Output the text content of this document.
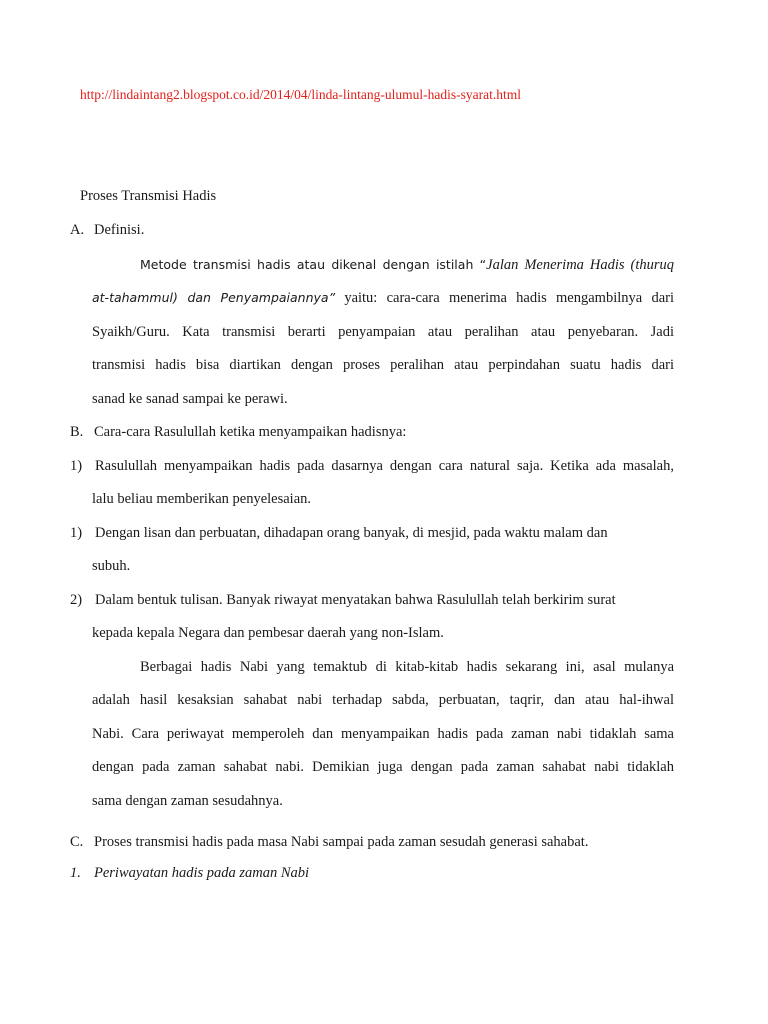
http://lindaintang2.blogspot.co.id/2014/04/linda-lintang-ulumul-hadis-syarat.html
Proses Transmisi Hadis
A. Definisi.
Metode transmisi hadis atau dikenal dengan istilah “Jalan Menerima Hadis (thuruq
at-tahammul) dan Penyampaiannya” yaitu: cara-cara menerima hadis mengambilnya dari
Syaikh/Guru. Kata transmisi berarti penyampaian atau peralihan atau penyebaran. Jadi
transmisi hadis bisa diartikan dengan proses peralihan atau perpindahan suatu hadis dari
sanad ke sanad sampai ke perawi.
B. Cara-cara Rasulullah ketika menyampaikan hadisnya:
1) Rasulullah menyampaikan hadis pada dasarnya dengan cara natural saja. Ketika ada masalah,
lalu beliau memberikan penyelesaian.
1) Dengan lisan dan perbuatan, dihadapan orang banyak, di mesjid, pada waktu malam dan
subuh.
2) Dalam bentuk tulisan. Banyak riwayat menyatakan bahwa Rasulullah telah berkirim surat
kepada kepala Negara dan pembesar daerah yang non-Islam.
Berbagai hadis Nabi yang temaktub di kitab-kitab hadis sekarang ini, asal mulanya
adalah hasil kesaksian sahabat nabi terhadap sabda, perbuatan, taqrir, dan atau hal-ihwal
Nabi. Cara periwayat memperoleh dan menyampaikan hadis pada zaman nabi tidaklah sama
dengan pada zaman sahabat nabi. Demikian juga dengan pada zaman sahabat nabi tidaklah
sama dengan zaman sesudahnya.
C. Proses transmisi hadis pada masa Nabi sampai pada zaman sesudah generasi sahabat.
1. Periwayatan hadis pada zaman Nabi
